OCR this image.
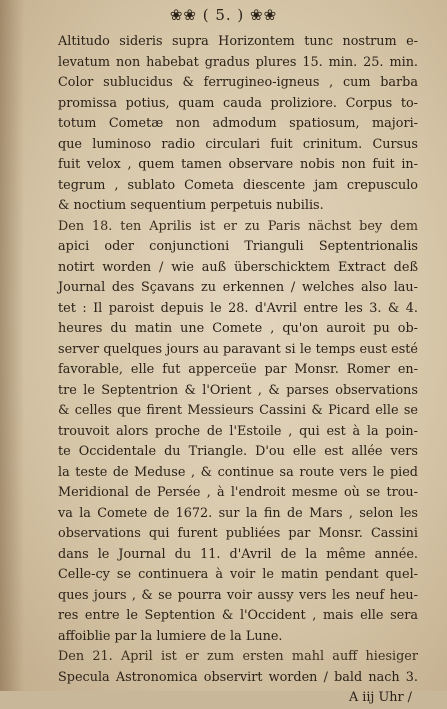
❀❀ ( 5. ) ❀❀
Altitudo sideris supra Horizontem tunc nostrum e-
levatum non habebat gradus plures 15. min. 25. min.
Color sublucidus & ferrugineo-igneus , cum barba
promissa potius, quam cauda proliziore. Corpus to-
totum Cometæ non admodum spatiosum, majori-
que luminoso radio circulari fuit crinitum. Cursus
fuit velox , quem tamen observare nobis non fuit in-
tegrum , sublato Cometa diescente jam crepusculo
& noctium sequentium perpetuis nubilis.
Den 18. ten Aprilis ist er zu Paris nächst bey dem
apici oder conjunctioni Trianguli Septentrionalis
notirt worden / wie auß überschicktem Extract deß
Journal des Sçavans zu erkennen / welches also lau-
tet : Il paroist depuis le 28. d'Avril entre les 3. & 4.
heures du matin une Comete , qu'on auroit pu ob-
server quelques jours au paravant si le temps eust esté
favorable, elle fut apperceüe par Monsr. Romer en-
tre le Septentrion & l'Orient , & parses observations
& celles que firent Messieurs Cassini & Picard elle se
trouvoit alors proche de l'Estoile , qui est à la poin-
te Occidentale du Triangle. D'ou elle est allée vers
la teste de Meduse , & continue sa route vers le pied
Meridional de Persée , à l'endroit mesme où se trou-
va la Comete de 1672. sur la fin de Mars , selon les
observations qui furent publiées par Monsr. Cassini
dans le Journal du 11. d'Avril de la même année.
Celle-cy se continuera à voir le matin pendant quel-
ques jours , & se pourra voir aussy vers les neuf heu-
res entre le Septention & l'Occident , mais elle sera
affoiblie par la lumiere de la Lune.
Den 21. April ist er zum ersten mahl auff hiesiger
Specula Astronomica observirt worden / bald nach 3.
A iij Uhr /
